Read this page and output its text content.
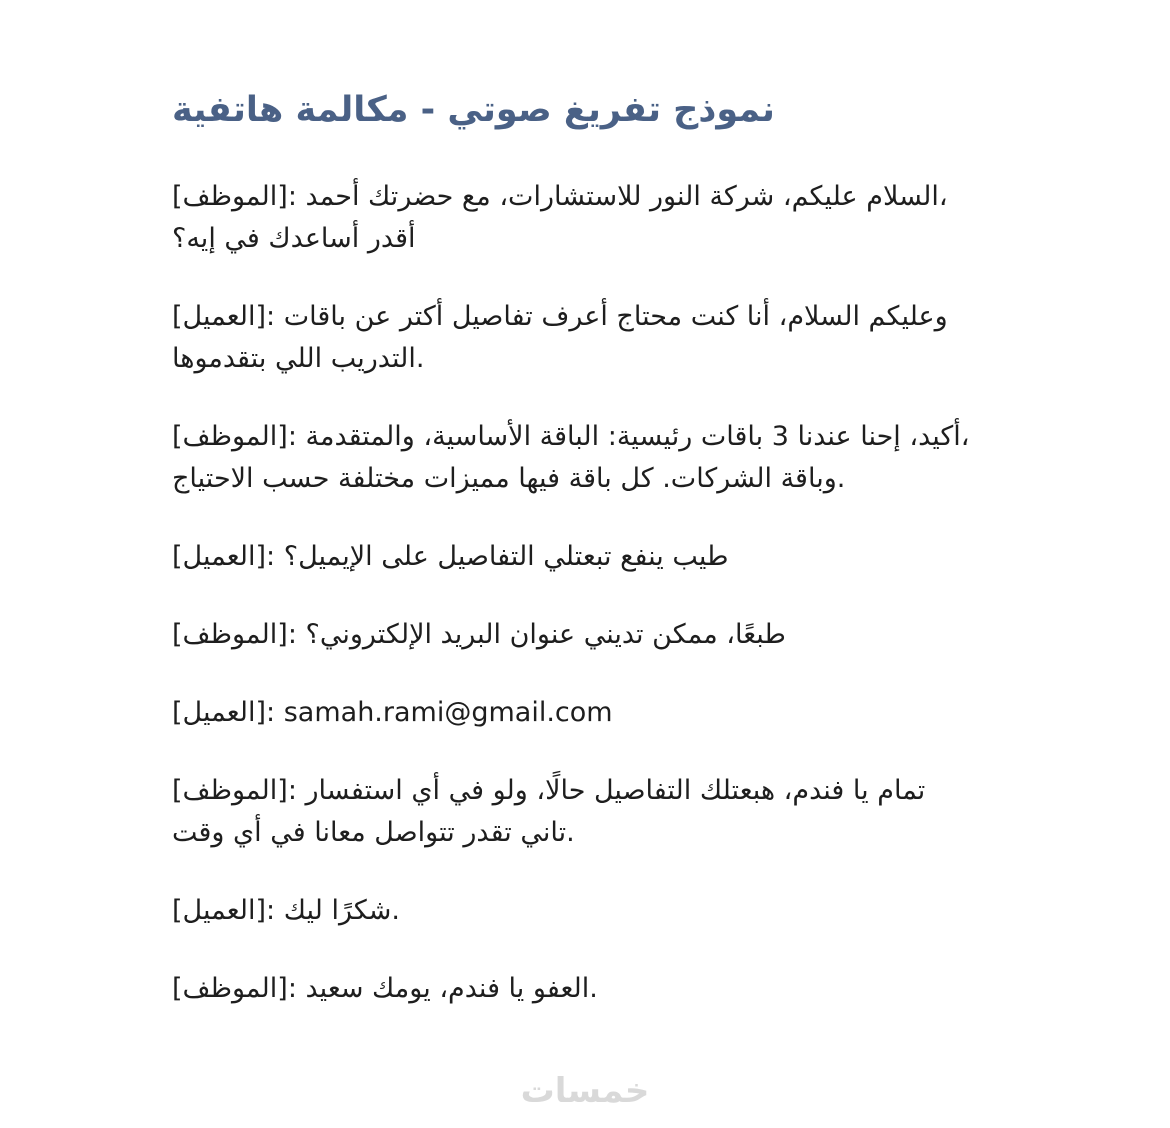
نموذج تفريغ صوتي - مكالمة هاتفية

[الموظف]: السلام عليكم، شركة النور للاستشارات، مع حضرتك أحمد،
أقدر أساعدك في إيه؟

[العميل]: وعليكم السلام، أنا كنت محتاج أعرف تفاصيل أكتر عن باقات
التدريب اللي بتقدموها.

[الموظف]: أكيد، إحنا عندنا 3 باقات رئيسية: الباقة الأساسية، والمتقدمة،
وباقة الشركات. كل باقة فيها مميزات مختلفة حسب الاحتياج.

[العميل]: طيب ينفع تبعتلي التفاصيل على الإيميل؟

[الموظف]: طبعًا، ممكن تديني عنوان البريد الإلكتروني؟

[العميل]: samah.rami@gmail.com

[الموظف]: تمام يا فندم، هبعتلك التفاصيل حالًا، ولو في أي استفسار
تاني تقدر تتواصل معانا في أي وقت.

[العميل]: شكرًا ليك.

[الموظف]: العفو يا فندم، يومك سعيد.

خمسات
